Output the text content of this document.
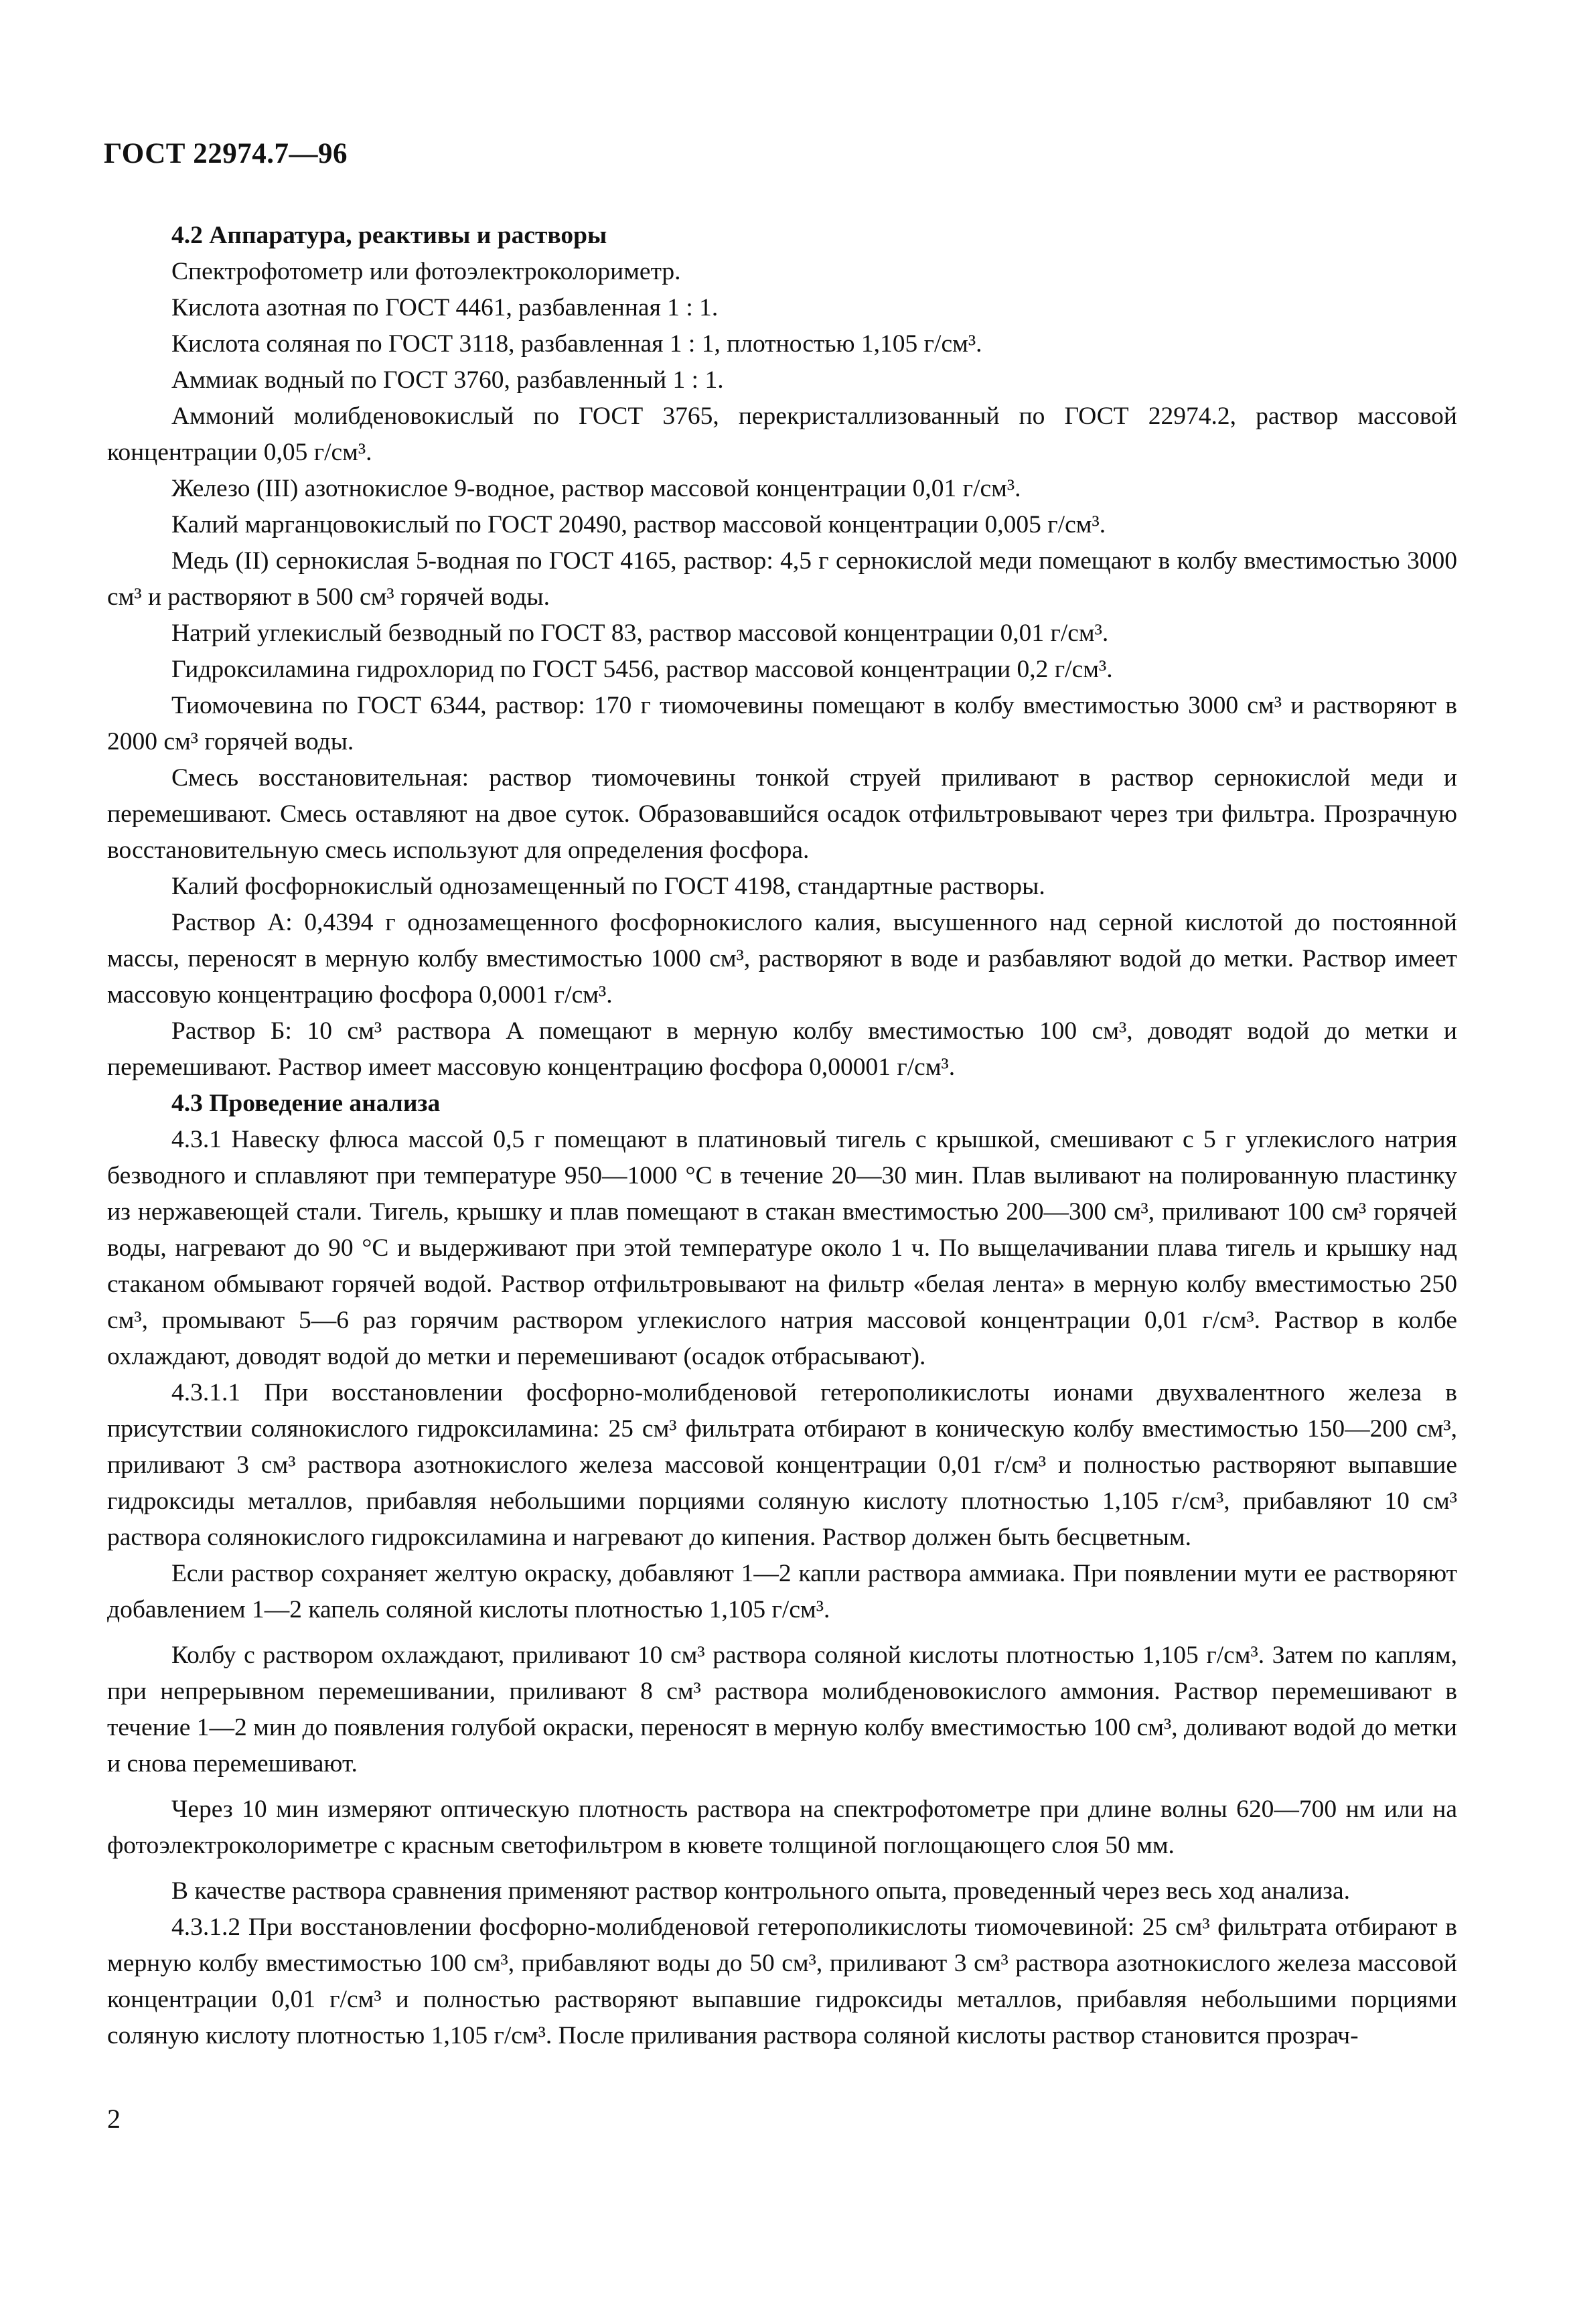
ГОСТ 22974.7—96

4.2 Аппаратура, реактивы и растворы

Спектрофотометр или фотоэлектроколориметр.

Кислота азотная по ГОСТ 4461, разбавленная 1 : 1.

Кислота соляная по ГОСТ 3118, разбавленная 1 : 1, плотностью 1,105 г/см³.

Аммиак водный по ГОСТ 3760, разбавленный 1 : 1.

Аммоний молибденовокислый по ГОСТ 3765, перекристаллизованный по ГОСТ 22974.2, раствор массовой концентрации 0,05 г/см³.

Железо (III) азотнокислое 9-водное, раствор массовой концентрации 0,01 г/см³.

Калий марганцовокислый по ГОСТ 20490, раствор массовой концентрации 0,005 г/см³.

Медь (II) сернокислая 5-водная по ГОСТ 4165, раствор: 4,5 г сернокислой меди помещают в колбу вместимостью 3000 см³ и растворяют в 500 см³ горячей воды.

Натрий углекислый безводный по ГОСТ 83, раствор массовой концентрации 0,01 г/см³.

Гидроксиламина гидрохлорид по ГОСТ 5456, раствор массовой концентрации 0,2 г/см³.

Тиомочевина по ГОСТ 6344, раствор: 170 г тиомочевины помещают в колбу вместимостью 3000 см³ и растворяют в 2000 см³ горячей воды.

Смесь восстановительная: раствор тиомочевины тонкой струей приливают в раствор сернокислой меди и перемешивают. Смесь оставляют на двое суток. Образовавшийся осадок отфильтровывают через три фильтра. Прозрачную восстановительную смесь используют для определения фосфора.

Калий фосфорнокислый однозамещенный по ГОСТ 4198, стандартные растворы.

Раствор А: 0,4394 г однозамещенного фосфорнокислого калия, высушенного над серной кислотой до постоянной массы, переносят в мерную колбу вместимостью 1000 см³, растворяют в воде и разбавляют водой до метки. Раствор имеет массовую концентрацию фосфора 0,0001 г/см³.

Раствор Б: 10 см³ раствора А помещают в мерную колбу вместимостью 100 см³, доводят водой до метки и перемешивают. Раствор имеет массовую концентрацию фосфора 0,00001 г/см³.

4.3 Проведение анализа

4.3.1 Навеску флюса массой 0,5 г помещают в платиновый тигель с крышкой, смешивают с 5 г углекислого натрия безводного и сплавляют при температуре 950—1000 °С в течение 20—30 мин. Плав выливают на полированную пластинку из нержавеющей стали. Тигель, крышку и плав помещают в стакан вместимостью 200—300 см³, приливают 100 см³ горячей воды, нагревают до 90 °С и выдерживают при этой температуре около 1 ч. По выщелачивании плава тигель и крышку над стаканом обмывают горячей водой. Раствор отфильтровывают на фильтр «белая лента» в мерную колбу вместимостью 250 см³, промывают 5—6 раз горячим раствором углекислого натрия массовой концентрации 0,01 г/см³. Раствор в колбе охлаждают, доводят водой до метки и перемешивают (осадок отбрасывают).

4.3.1.1 При восстановлении фосфорно-молибденовой гетерополикислоты ионами двухвалентного железа в присутствии солянокислого гидроксиламина: 25 см³ фильтрата отбирают в коническую колбу вместимостью 150—200 см³, приливают 3 см³ раствора азотнокислого железа массовой концентрации 0,01 г/см³ и полностью растворяют выпавшие гидроксиды металлов, прибавляя небольшими порциями соляную кислоту плотностью 1,105 г/см³, прибавляют 10 см³ раствора солянокислого гидроксиламина и нагревают до кипения. Раствор должен быть бесцветным.

Если раствор сохраняет желтую окраску, добавляют 1—2 капли раствора аммиака. При появлении мути ее растворяют добавлением 1—2 капель соляной кислоты плотностью 1,105 г/см³.

Колбу с раствором охлаждают, приливают 10 см³ раствора соляной кислоты плотностью 1,105 г/см³. Затем по каплям, при непрерывном перемешивании, приливают 8 см³ раствора молибденовокислого аммония. Раствор перемешивают в течение 1—2 мин до появления голубой окраски, переносят в мерную колбу вместимостью 100 см³, доливают водой до метки и снова перемешивают.

Через 10 мин измеряют оптическую плотность раствора на спектрофотометре при длине волны 620—700 нм или на фотоэлектроколориметре с красным светофильтром в кювете толщиной поглощающего слоя 50 мм.

В качестве раствора сравнения применяют раствор контрольного опыта, проведенный через весь ход анализа.

4.3.1.2 При восстановлении фосфорно-молибденовой гетерополикислоты тиомочевиной: 25 см³ фильтрата отбирают в мерную колбу вместимостью 100 см³, прибавляют воды до 50 см³, приливают 3 см³ раствора азотнокислого железа массовой концентрации 0,01 г/см³ и полностью растворяют выпавшие гидроксиды металлов, прибавляя небольшими порциями соляную кислоту плотностью 1,105 г/см³. После приливания раствора соляной кислоты раствор становится прозрач-

2
